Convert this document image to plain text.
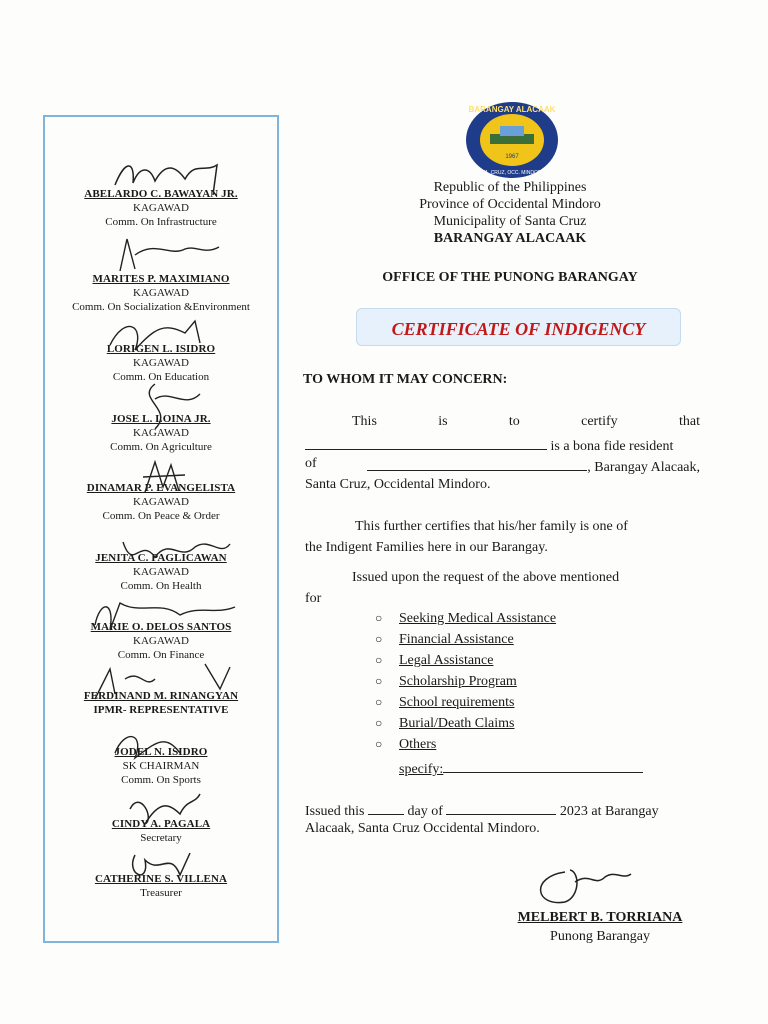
ABELARDO C. BAWAYAN JR.
KAGAWAD
Comm. On Infrastructure
MARITES P. MAXIMIANO
KAGAWAD
Comm. On Socialization &Environment
LORIGEN L. ISIDRO
KAGAWAD
Comm. On Education
JOSE L. LOINA JR.
KAGAWAD
Comm. On Agriculture
DINAMAR P. EVANGELISTA
KAGAWAD
Comm. On Peace & Order
JENITA C. PAGLICAWAN
KAGAWAD
Comm. On Health
MARIE O. DELOS SANTOS
KAGAWAD
Comm. On Finance
FERDINAND M. RINANGYAN
IPMR- REPRESENTATIVE
JODEL N. ISIDRO
SK CHAIRMAN
Comm. On Sports
CINDY A. PAGALA
Secretary
CATHERINE S. VILLENA
Treasurer
BARANGAY ALACAAK
1967
STA. CRUZ, OCC. MINDORO
Republic of the Philippines
Province of Occidental Mindoro
Municipality of Santa Cruz
BARANGAY ALACAAK
OFFICE OF THE PUNONG BARANGAY
CERTIFICATE OF INDIGENCY
TO WHOM IT MAY CONCERN:
This	is	to	certify	that
is a bona fide resident
of	, Barangay Alacaak,
Santa Cruz, Occidental Mindoro.
This further certifies that his/her family is one of
the Indigent Families here in our Barangay.
Issued upon the request of the above mentioned
for
○ Seeking Medical Assistance
○ Financial Assistance
○ Legal Assistance
○ Scholarship Program
○ School requirements
○ Burial/Death Claims
○ Others
specify:
Issued this	day of	2023 at Barangay
Alacaak, Santa Cruz Occidental Mindoro.
MELBERT B. TORRIANA
Punong Barangay
